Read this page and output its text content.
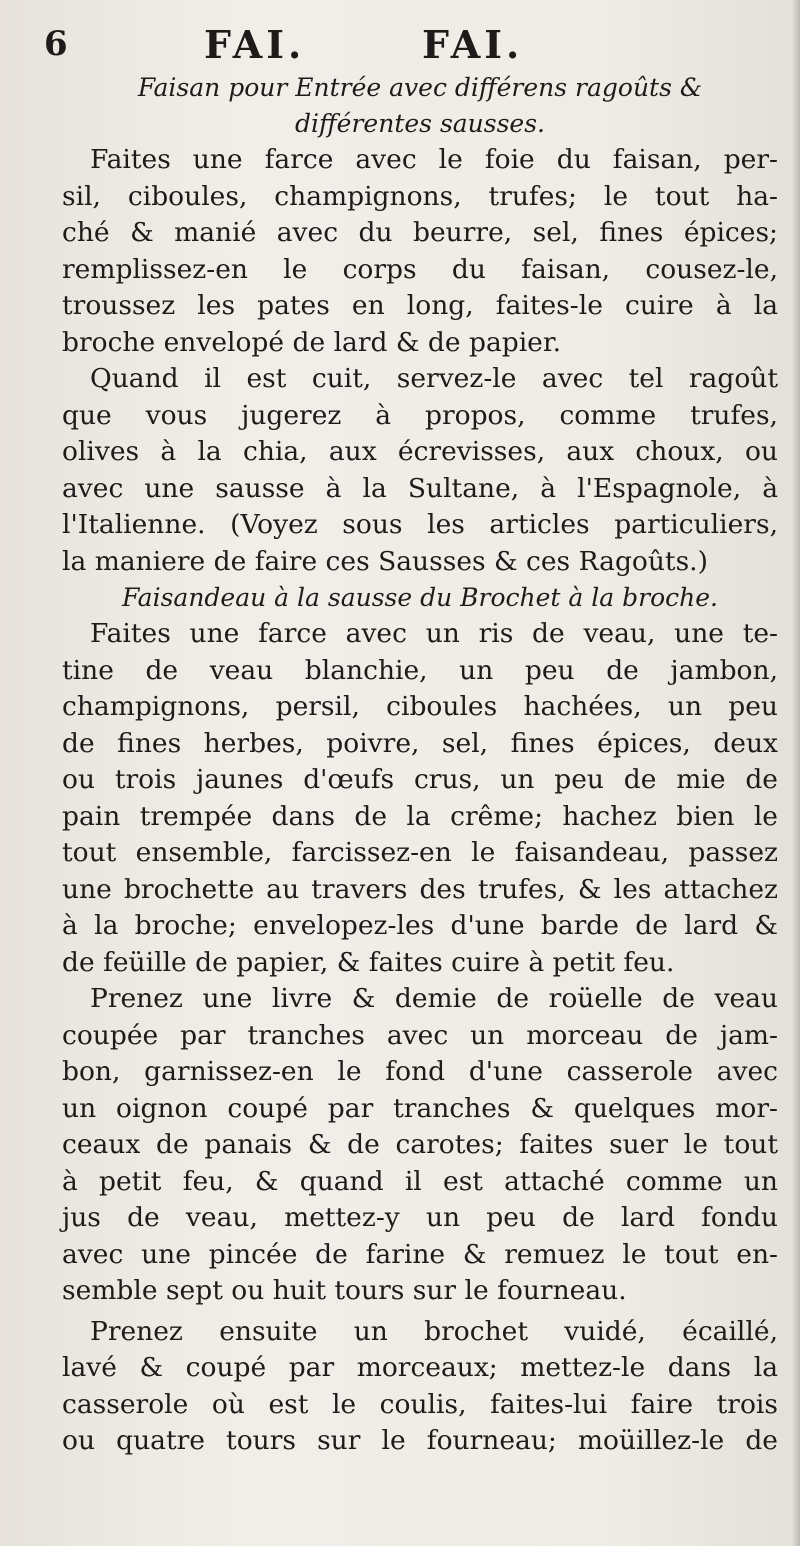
6	FAI.	FAI.

Faisan pour Entrée avec différens ragoûts &

différentes sausses.

Faites une farce avec le foie du faisan, per-

sil, ciboules, champignons, trufes; le tout ha-

ché & manié avec du beurre, sel, fines épices;

remplissez-en le corps du faisan, cousez-le,

troussez les pates en long, faites-le cuire à la

broche envelopé de lard & de papier.

Quand il est cuit, servez-le avec tel ragoût

que vous jugerez à propos, comme trufes,

olives à la chia, aux écrevisses, aux choux, ou

avec une sausse à la Sultane, à l'Espagnole, à

l'Italienne. (Voyez sous les articles particuliers,

la maniere de faire ces Sausses & ces Ragoûts.)

Faisandeau à la sausse du Brochet à la broche.

Faites une farce avec un ris de veau, une te-

tine de veau blanchie, un peu de jambon,

champignons, persil, ciboules hachées, un peu

de fines herbes, poivre, sel, fines épices, deux

ou trois jaunes d'œufs crus, un peu de mie de

pain trempée dans de la crême; hachez bien le

tout ensemble, farcissez-en le faisandeau, passez

une brochette au travers des trufes, & les attachez

à la broche; envelopez-les d'une barde de lard &

de feüille de papier, & faites cuire à petit feu.

Prenez une livre & demie de roüelle de veau

coupée par tranches avec un morceau de jam-

bon, garnissez-en le fond d'une casserole avec

un oignon coupé par tranches & quelques mor-

ceaux de panais & de carotes; faites suer le tout

à petit feu, & quand il est attaché comme un

jus de veau, mettez-y un peu de lard fondu

avec une pincée de farine & remuez le tout en-

semble sept ou huit tours sur le fourneau.

Prenez ensuite un brochet vuidé, écaillé,

lavé & coupé par morceaux; mettez-le dans la

casserole où est le coulis, faites-lui faire trois

ou quatre tours sur le fourneau; moüillez-le de
